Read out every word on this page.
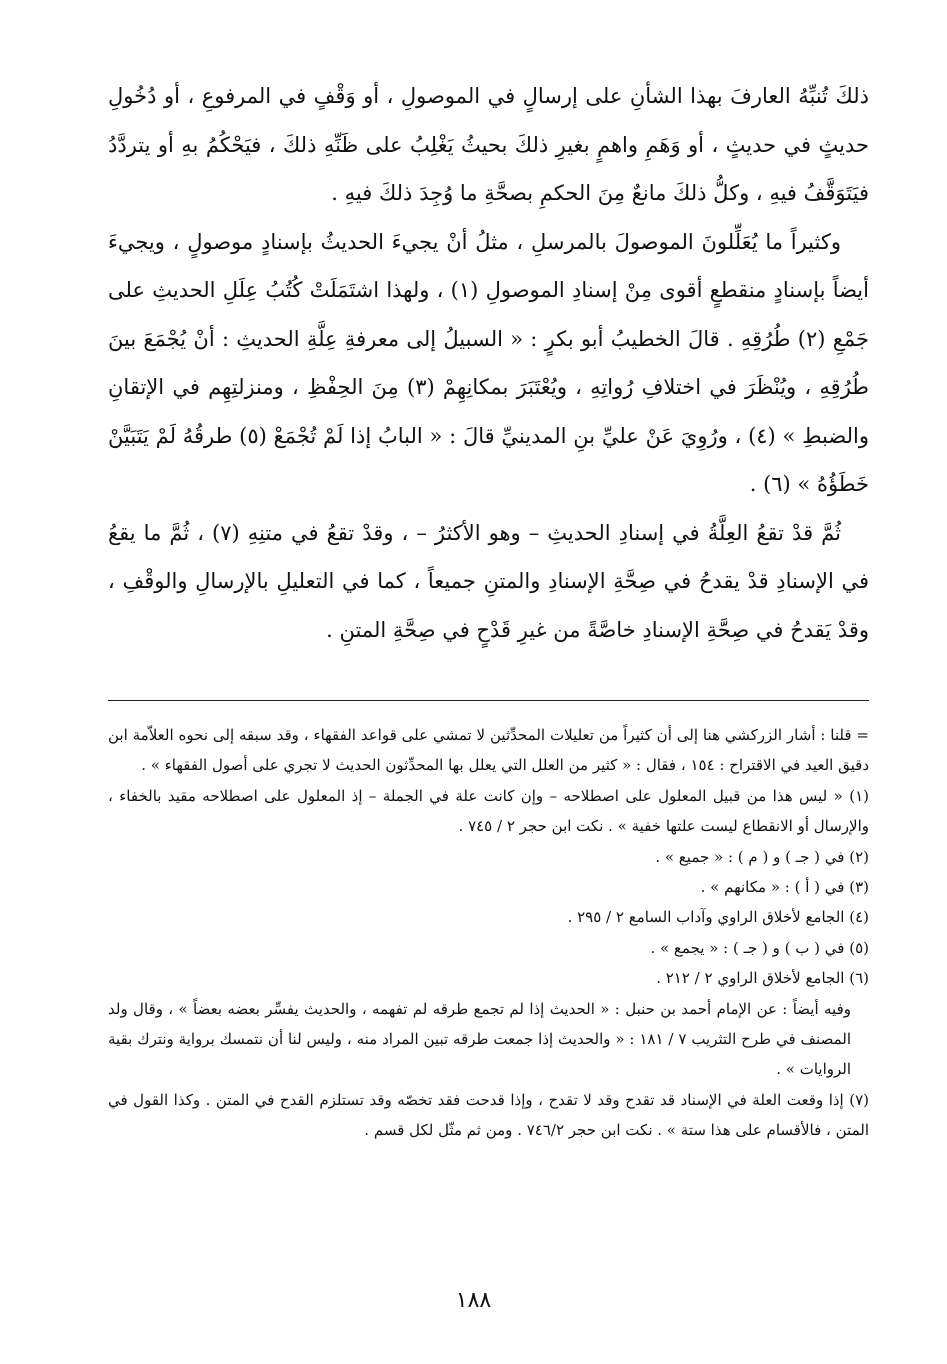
ذلكَ تُنبِّهُ العارفَ بهذا الشأنِ على إرسالٍ في الموصولِ ، أو وَقْفٍ في المرفوعِ ، أو دُخُولِ حديثٍ في حديثٍ ، أو وَهَمِ واهمٍ بغيرِ ذلكَ بحيثُ يَغْلِبُ على ظَنِّهِ ذلكَ ، فيَحْكُمُ بهِ أو يتردَّدُ فيَتَوَقَّفُ فيهِ ، وكلُّ ذلكَ مانعٌ مِنَ الحكمِ بصحَّةِ ما وُجِدَ ذلكَ فيهِ .

وكثيراً ما يُعَلِّلونَ الموصولَ بالمرسلِ ، مثلُ أنْ يجيءَ الحديثُ بإسنادٍ موصولٍ ، ويجيءَ أيضاً بإسنادٍ منقطعٍ أقوى مِنْ إسنادِ الموصولِ (١) ، ولهذا اشتَمَلَتْ كُتُبُ عِلَلِ الحديثِ على جَمْعِ (٢) طُرُقِهِ . قالَ الخطيبُ أبو بكرٍ : « السبيلُ إلى معرفةِ عِلَّةِ الحديثِ : أنْ يُجْمَعَ بينَ طُرُقِهِ ، ويُنْظَرَ في اختلافِ رُواتِهِ ، ويُعْتَبَرَ بمكانِهِمْ (٣) مِنَ الحِفْظِ ، ومنزلتِهِم في الإتقانِ والضبطِ » (٤) ، ورُوِيَ عَنْ عليِّ بنِ المدينيِّ قالَ : « البابُ إذا لَمْ تُجْمَعْ (٥) طرقُهُ لَمْ يَتَبَيَّنْ خَطَؤُهُ » (٦) .

ثُمَّ قدْ تقعُ العِلَّةُ في إسنادِ الحديثِ – وهو الأكثرُ – ، وقدْ تقعُ في متنِهِ (٧) ، ثُمَّ ما يقعُ في الإسنادِ قدْ يقدحُ في صِحَّةِ الإسنادِ والمتنِ جميعاً ، كما في التعليلِ بالإرسالِ والوقْفِ ، وقدْ يَقدحُ في صِحَّةِ الإسنادِ خاصَّةً من غيرِ قَدْحٍ في صِحَّةِ المتنِ .

= قلنا : أشار الزركشي هنا إلى أن كثيراً من تعليلات المحدِّثين لا تمشي على قواعد الفقهاء ، وقد سبقه إلى نحوه العلاّمة ابن دقيق العيد في الاقتراح : ١٥٤ ، فقال : « كثير من العلل التي يعلل بها المحدِّثون الحديث لا تجري على أصول الفقهاء » .

(١) « ليس هذا من قبيل المعلول على اصطلاحه – وإن كانت علة في الجملة – إذ المعلول على اصطلاحه مقيد بالخفاء ، والإرسال أو الانقطاع ليست علتها خفية » . نكت ابن حجر ٢ / ٧٤٥ .

(٢) في ( جـ ) و ( م ) : « جميع » .

(٣) في ( أ ) : « مكانهم » .

(٤) الجامع لأخلاق الراوي وآداب السامع ٢ / ٢٩٥ .

(٥) في ( ب ) و ( جـ ) : « يجمع » .

(٦) الجامع لأخلاق الراوي ٢ / ٢١٢ .

وفيه أيضاً : عن الإمام أحمد بن حنبل : « الحديث إذا لم تجمع طرقه لم تفهمه ، والحديث يفسِّر بعضه بعضاً » ، وقال ولد المصنف في طرح التثريب ٧ / ١٨١ : « والحديث إذا جمعت طرقه تبين المراد منه ، وليس لنا أن نتمسك برواية ونترك بقية الروايات » .

(٧) إذا وقعت العلة في الإسناد قد تقدح وقد لا تقدح ، وإذا قدحت فقد تخصّه وقد تستلزم القدح في المتن . وكذا القول في المتن ، فالأقسام على هذا ستة » . نكت ابن حجر ٧٤٦/٢ . ومن ثم مثّل لكل قسم .

١٨٨
